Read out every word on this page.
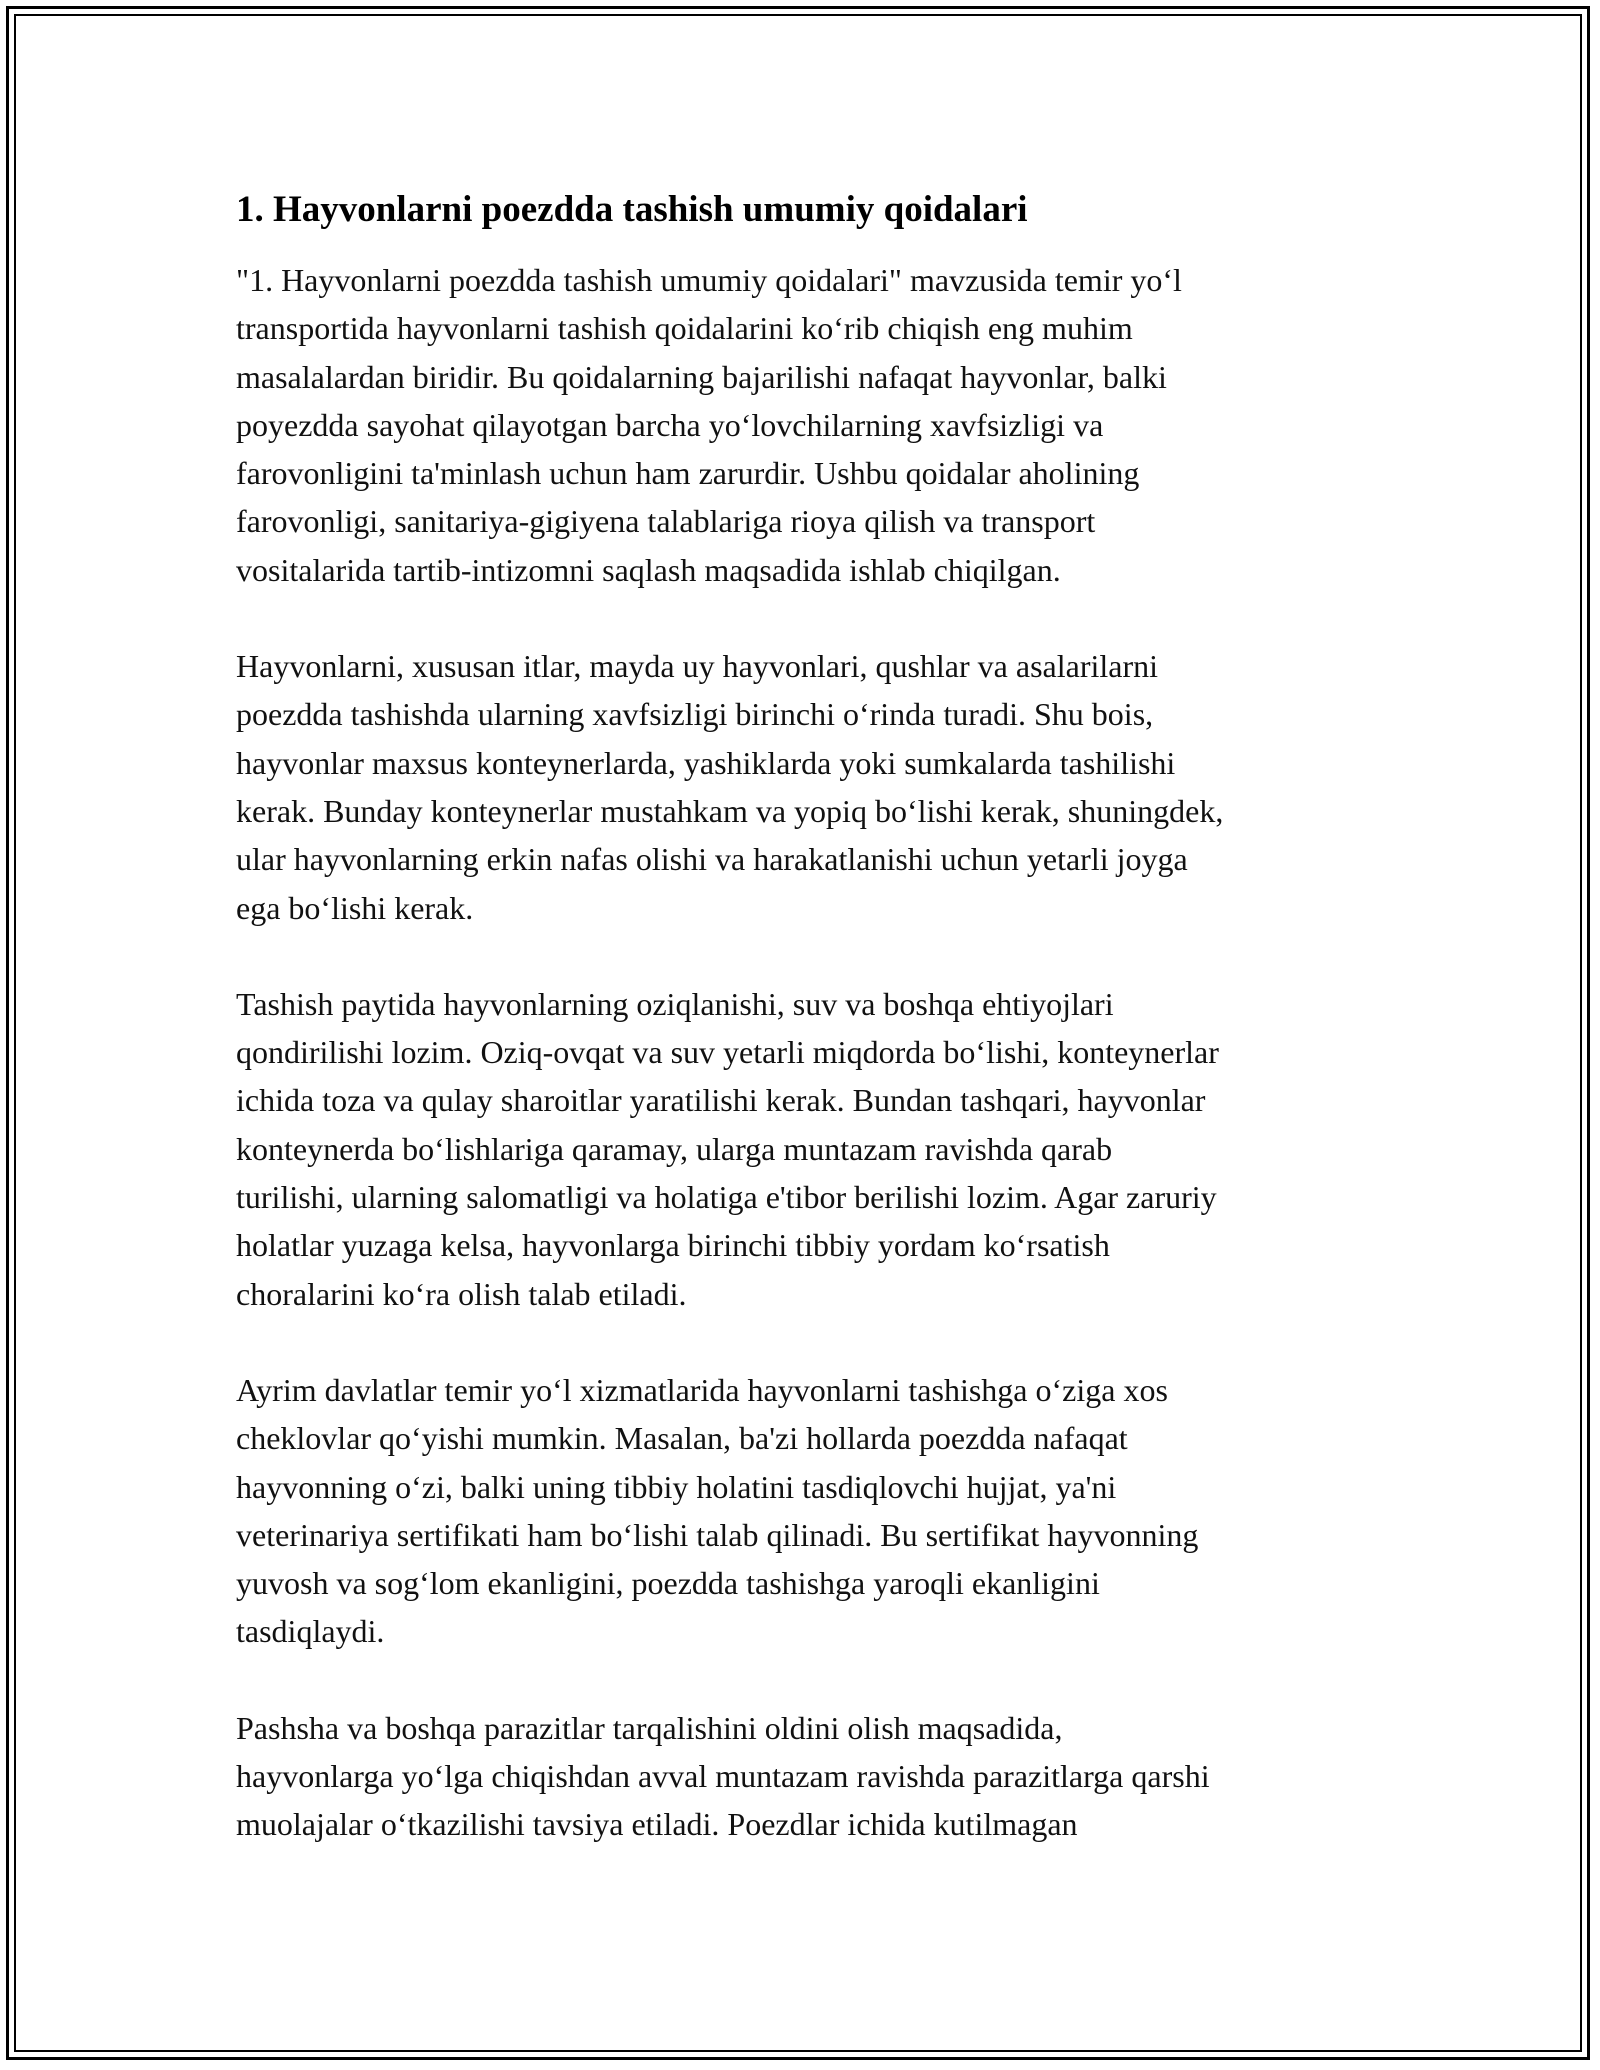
1. Hayvonlarni poezdda tashish umumiy qoidalari
"1. Hayvonlarni poezdda tashish umumiy qoidalari" mavzusida temir yo‘l
transportida hayvonlarni tashish qoidalarini ko‘rib chiqish eng muhim
masalalardan biridir. Bu qoidalarning bajarilishi nafaqat hayvonlar, balki
poyezdda sayohat qilayotgan barcha yo‘lovchilarning xavfsizligi va
farovonligini ta'minlash uchun ham zarurdir. Ushbu qoidalar aholining
farovonligi, sanitariya-gigiyena talablariga rioya qilish va transport
vositalarida tartib-intizomni saqlash maqsadida ishlab chiqilgan.
Hayvonlarni, xususan itlar, mayda uy hayvonlari, qushlar va asalarilarni
poezdda tashishda ularning xavfsizligi birinchi o‘rinda turadi. Shu bois,
hayvonlar maxsus konteynerlarda, yashiklarda yoki sumkalarda tashilishi
kerak. Bunday konteynerlar mustahkam va yopiq bo‘lishi kerak, shuningdek,
ular hayvonlarning erkin nafas olishi va harakatlanishi uchun yetarli joyga
ega bo‘lishi kerak.
Tashish paytida hayvonlarning oziqlanishi, suv va boshqa ehtiyojlari
qondirilishi lozim. Oziq-ovqat va suv yetarli miqdorda bo‘lishi, konteynerlar
ichida toza va qulay sharoitlar yaratilishi kerak. Bundan tashqari, hayvonlar
konteynerda bo‘lishlariga qaramay, ularga muntazam ravishda qarab
turilishi, ularning salomatligi va holatiga e'tibor berilishi lozim. Agar zaruriy
holatlar yuzaga kelsa, hayvonlarga birinchi tibbiy yordam ko‘rsatish
choralarini ko‘ra olish talab etiladi.
Ayrim davlatlar temir yo‘l xizmatlarida hayvonlarni tashishga o‘ziga xos
cheklovlar qo‘yishi mumkin. Masalan, ba'zi hollarda poezdda nafaqat
hayvonning o‘zi, balki uning tibbiy holatini tasdiqlovchi hujjat, ya'ni
veterinariya sertifikati ham bo‘lishi talab qilinadi. Bu sertifikat hayvonning
yuvosh va sog‘lom ekanligini, poezdda tashishga yaroqli ekanligini
tasdiqlaydi.
Pashsha va boshqa parazitlar tarqalishini oldini olish maqsadida,
hayvonlarga yo‘lga chiqishdan avval muntazam ravishda parazitlarga qarshi
muolajalar o‘tkazilishi tavsiya etiladi. Poezdlar ichida kutilmagan
